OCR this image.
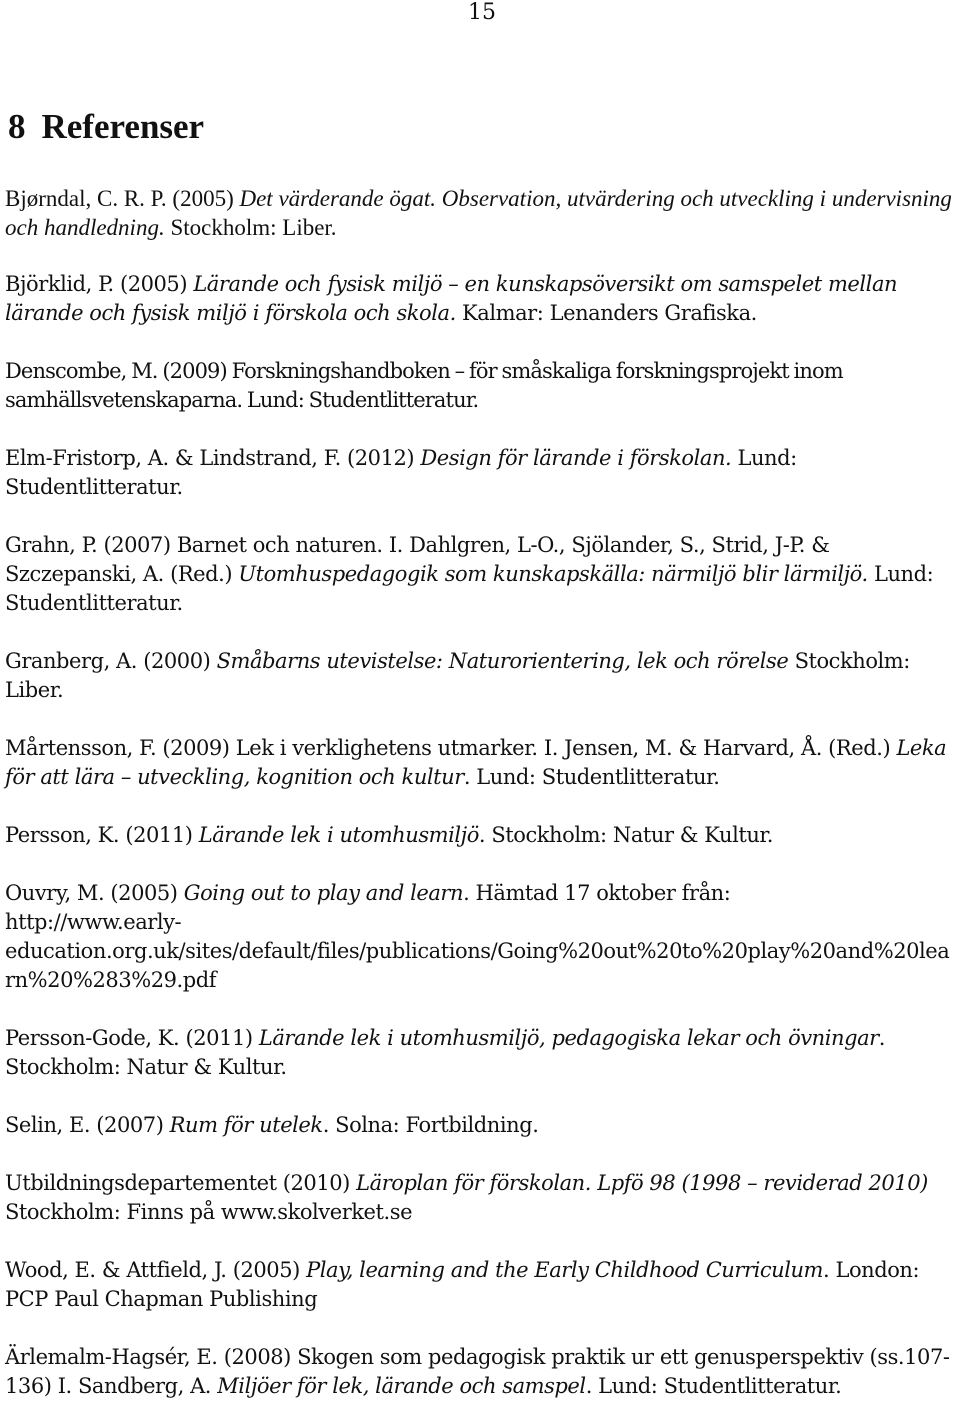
15
8 Referenser

Bjørndal, C. R. P. (2005) Det värderande ögat. Observation, utvärdering och utveckling i undervisning och handledning. Stockholm: Liber.

Björklid, P. (2005) Lärande och fysisk miljö – en kunskapsöversikt om samspelet mellan lärande och fysisk miljö i förskola och skola. Kalmar: Lenanders Grafiska.

Denscombe, M. (2009) Forskningshandboken – för småskaliga forskningsprojekt inom samhällsvetenskaparna. Lund: Studentlitteratur.

Elm-Fristorp, A. & Lindstrand, F. (2012) Design för lärande i förskolan. Lund: Studentlitteratur.

Grahn, P. (2007) Barnet och naturen. I. Dahlgren, L-O., Sjölander, S., Strid, J-P. & Szczepanski, A. (Red.) Utomhuspedagogik som kunskapskälla: närmiljö blir lärmiljö. Lund: Studentlitteratur.

Granberg, A. (2000) Småbarns utevistelse: Naturorientering, lek och rörelse Stockholm: Liber.

Mårtensson, F. (2009) Lek i verklighetens utmarker. I. Jensen, M. & Harvard, Å. (Red.) Leka för att lära – utveckling, kognition och kultur. Lund: Studentlitteratur.

Persson, K. (2011) Lärande lek i utomhusmiljö. Stockholm: Natur & Kultur.

Ouvry, M. (2005) Going out to play and learn. Hämtad 17 oktober från:
http://www.early-
education.org.uk/sites/default/files/publications/Going%20out%20to%20play%20and%20learn%20%283%29.pdf

Persson-Gode, K. (2011) Lärande lek i utomhusmiljö, pedagogiska lekar och övningar. Stockholm: Natur & Kultur.

Selin, E. (2007) Rum för utelek. Solna: Fortbildning.

Utbildningsdepartementet (2010) Läroplan för förskolan. Lpfö 98 (1998 – reviderad 2010) Stockholm: Finns på www.skolverket.se

Wood, E. & Attfield, J. (2005) Play, learning and the Early Childhood Curriculum. London: PCP Paul Chapman Publishing

Ärlemalm-Hagsér, E. (2008) Skogen som pedagogisk praktik ur ett genusperspektiv (ss.107-136) I. Sandberg, A. Miljöer för lek, lärande och samspel. Lund: Studentlitteratur.
